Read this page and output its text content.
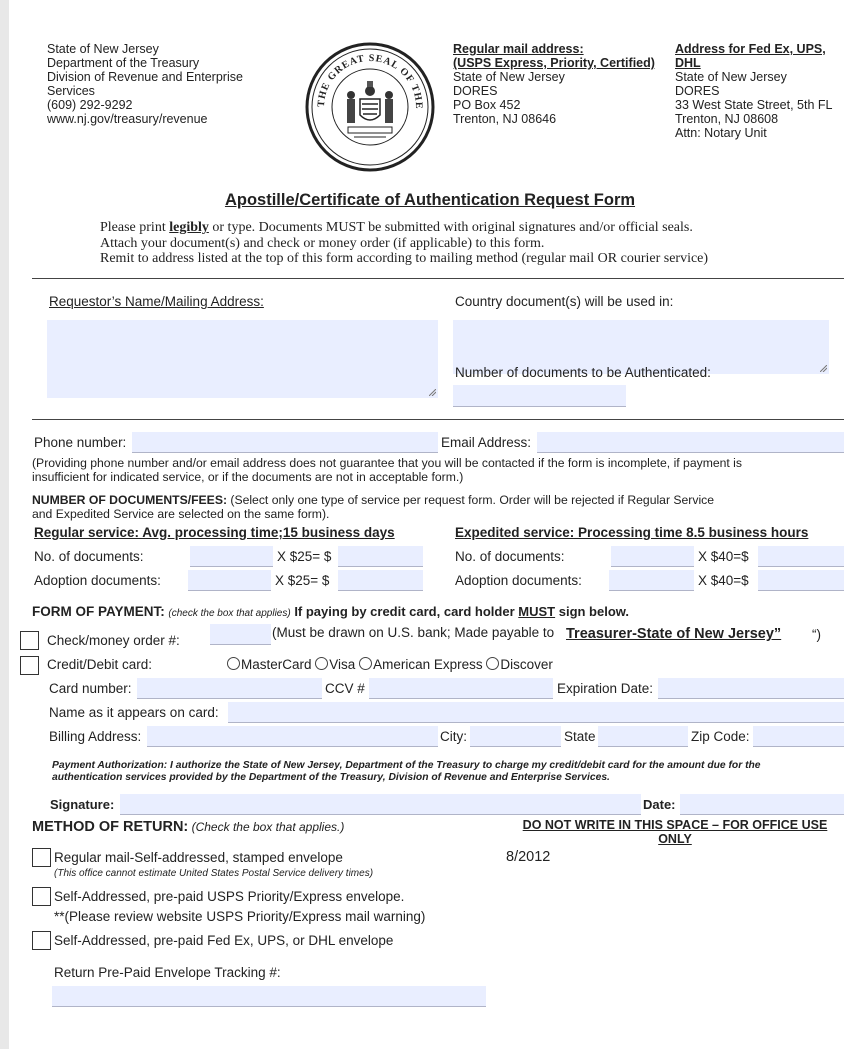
State of New Jersey
Department of the Treasury
Division of Revenue and Enterprise
Services
(609) 292-9292
www.nj.gov/treasury/revenue
THE GREAT SEAL OF THE
Regular mail address:
(USPS Express, Priority, Certified)
State of New Jersey
DORES
PO Box 452
Trenton, NJ 08646
Address for Fed Ex, UPS,
DHL
State of New Jersey
DORES
33 West State Street, 5th FL
Trenton, NJ 08608
Attn: Notary Unit
Apostille/Certificate of Authentication Request Form
Please print legibly or type. Documents MUST be submitted with original signatures and/or official seals.
Attach your document(s) and check or money order (if applicable) to this form.
Remit to address listed at the top of this form according to mailing method (regular mail OR courier service)
Requestor’s Name/Mailing Address:	Country document(s) will be used in:
Number of documents to be Authenticated:
Phone number:	Email Address:
(Providing phone number and/or email address does not guarantee that you will be contacted if the form is incomplete, if payment is
insufficient for indicated service, or if the documents are not in acceptable form.)
NUMBER OF DOCUMENTS/FEES: (Select only one type of service per request form. Order will be rejected if Regular Service
and Expedited Service are selected on the same form).
Regular service: Avg. processing time;15 business days	Expedited service: Processing time 8.5 business hours
No. of documents:	X $25= $	No. of documents:	X $40=$
Adoption documents:	X $25= $	Adoption documents:	X $40=$
FORM OF PAYMENT: (check the box that applies) If paying by credit card, card holder MUST sign below.
Check/money order #:
(Must be drawn on U.S. bank; Made payable to Treasurer-State of New Jersey” “)
Credit/Debit card:	MasterCard Visa American Express Discover
Card number:	CCV #	Expiration Date:
Name as it appears on card:
Billing Address:	City:	State	Zip Code:
Payment Authorization: I authorize the State of New Jersey, Department of the Treasury to charge my credit/debit card for the amount due for the
authentication services provided by the Department of the Treasury, Division of Revenue and Enterprise Services.
Signature:	Date:
METHOD OF RETURN: (Check the box that applies.)	DO NOT WRITE IN THIS SPACE – FOR OFFICE USE
ONLY
8/2012
Regular mail-Self-addressed, stamped envelope
(This office cannot estimate United States Postal Service delivery times)
Self-Addressed, pre-paid USPS Priority/Express envelope.
**(Please review website USPS Priority/Express mail warning)
Self-Addressed, pre-paid Fed Ex, UPS, or DHL envelope
Return Pre-Paid Envelope Tracking #:
